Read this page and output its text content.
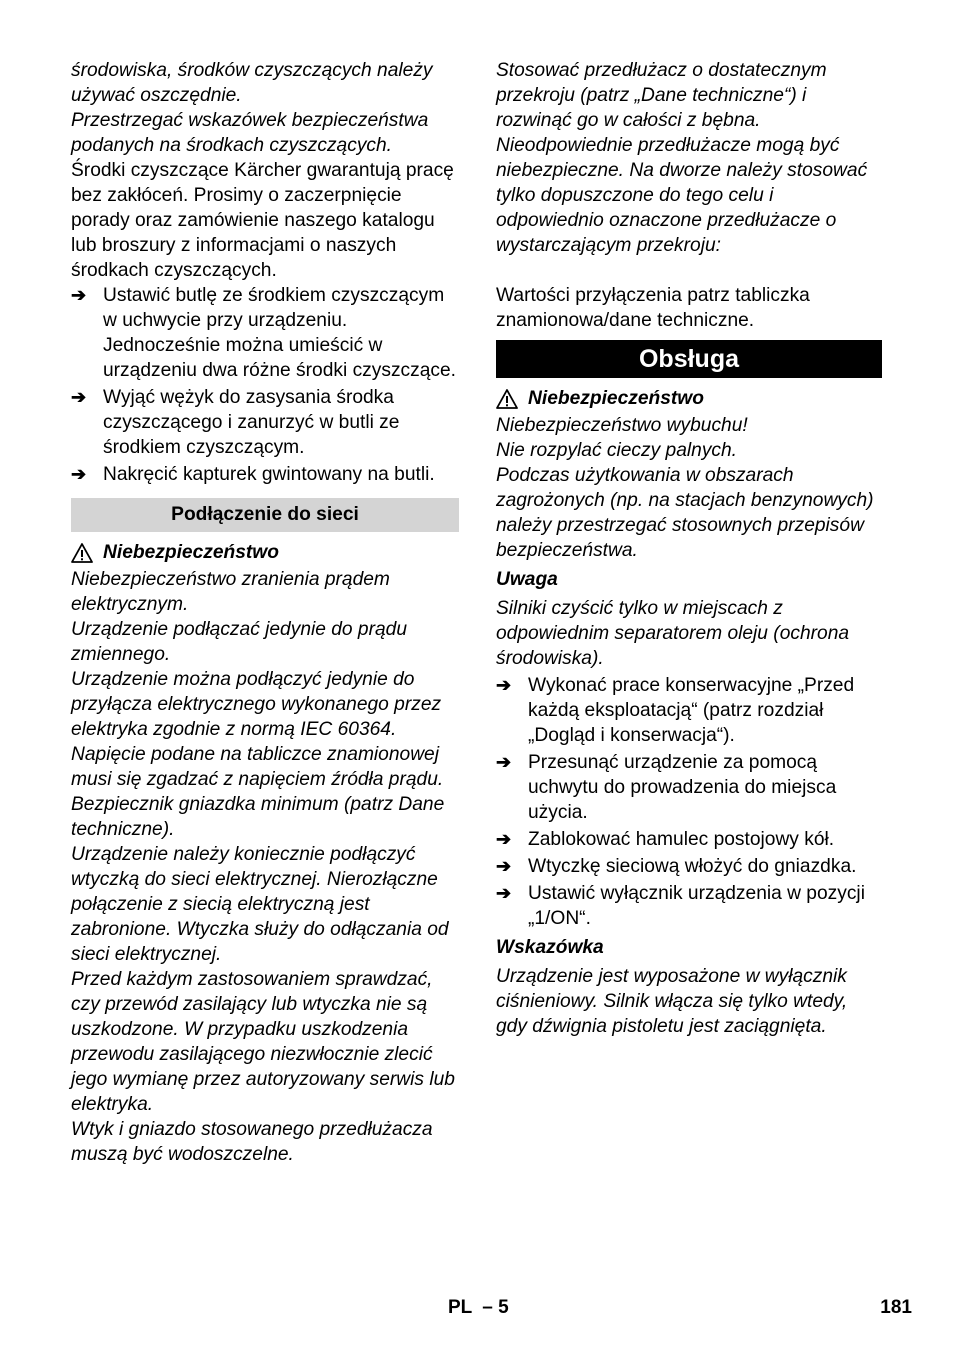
środowiska, środków czyszczących należy używać oszczędnie.

Przestrzegać wskazówek bezpieczeństwa podanych na środkach czyszczących.

Środki czyszczące Kärcher gwarantują pracę bez zakłóceń. Prosimy o zaczerpnięcie porady oraz zamówienie naszego katalogu lub broszury z informacjami o naszych środkach czyszczących.

➔ Ustawić butlę ze środkiem czyszczącym w uchwycie przy urządzeniu. Jednocześnie można umieścić w urządzeniu dwa różne środki czyszczące.
➔ Wyjąć wężyk do zasysania środka czyszczącego i zanurzyć w butli ze środkiem czyszczącym.
➔ Nakręcić kapturek gwintowany na butli.
Podłączenie do sieci
Niebezpieczeństwo

Niebezpieczeństwo zranienia prądem elektrycznym.

Urządzenie podłączać jedynie do prądu zmiennego.

Urządzenie można podłączyć jedynie do przyłącza elektrycznego wykonanego przez elektryka zgodnie z normą IEC 60364.

Napięcie podane na tabliczce znamionowej musi się zgadzać z napięciem źródła prądu.

Bezpiecznik gniazdka minimum (patrz Dane techniczne).

Urządzenie należy koniecznie podłączyć wtyczką do sieci elektrycznej. Nierozłączne połączenie z siecią elektryczną jest zabronione. Wtyczka służy do odłączania od sieci elektrycznej.

Przed każdym zastosowaniem sprawdzać, czy przewód zasilający lub wtyczka nie są uszkodzone. W przypadku uszkodzenia przewodu zasilającego niezwłocznie zlecić jego wymianę przez autoryzowany serwis lub elektryka.

Wtyk i gniazdo stosowanego przedłużacza muszą być wodoszczelne.

Stosować przedłużacz o dostatecznym przekroju (patrz „Dane techniczne“) i rozwinąć go w całości z bębna.

Nieodpowiednie przedłużacze mogą być niebezpieczne. Na dworze należy stosować tylko dopuszczone do tego celu i odpowiednio oznaczone przedłużacze o wystarczającym przekroju:

Wartości przyłączenia patrz tabliczka znamionowa/dane techniczne.

Obsługa
Niebezpieczeństwo

Niebezpieczeństwo wybuchu!

Nie rozpylać cieczy palnych.

Podczas użytkowania w obszarach zagrożonych (np. na stacjach benzynowych) należy przestrzegać stosownych przepisów bezpieczeństwa.

Uwaga

Silniki czyścić tylko w miejscach z odpowiednim separatorem oleju (ochrona środowiska).

➔ Wykonać prace konserwacyjne „Przed każdą eksploatacją“ (patrz rozdział „Dogląd i konserwacja“).
➔ Przesunąć urządzenie za pomocą uchwytu do prowadzenia do miejsca użycia.
➔ Zablokować hamulec postojowy kół.
➔ Wtyczkę sieciową włożyć do gniazdka.
➔ Ustawić wyłącznik urządzenia w pozycji „1/ON“.

Wskazówka

Urządzenie jest wyposażone w wyłącznik ciśnieniowy. Silnik włącza się tylko wtedy, gdy dźwignia pistoletu jest zaciągnięta.

PL – 5	181
